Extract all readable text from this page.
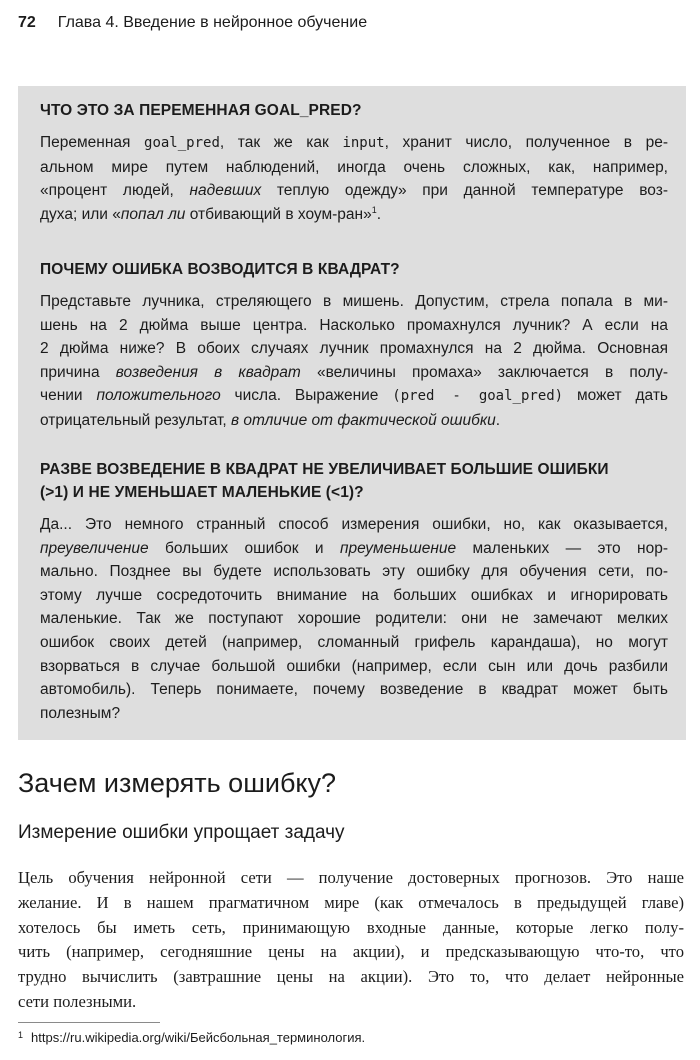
72 Глава 4. Введение в нейронное обучение
ЧТО ЭТО ЗА ПЕРЕМЕННАЯ GOAL_PRED?
Переменная goal_pred, так же как input, хранит число, полученное в ре-
альном мире путем наблюдений, иногда очень сложных, как, например,
«процент людей, надевших теплую одежду» при данной температуре воз-
духа; или «попал ли отбивающий в хоум-ран»$^1$.
ПОЧЕМУ ОШИБКА ВОЗВОДИТСЯ В КВАДРАТ?
Представьте лучника, стреляющего в мишень. Допустим, стрела попала в ми-
шень на 2 дюйма выше центра. Насколько промахнулся лучник? А если на
2 дюйма ниже? В обоих случаях лучник промахнулся на 2 дюйма. Основная
причина возведения в квадрат «величины промаха» заключается в полу-
чении положительного числа. Выражение (pred - goal_pred) может дать
отрицательный результат, в отличие от фактической ошибки.
РАЗВЕ ВОЗВЕДЕНИЕ В КВАДРАТ НЕ УВЕЛИЧИВАЕТ БОЛЬШИЕ ОШИБКИ
(>1) И НЕ УМЕНЬШАЕТ МАЛЕНЬКИЕ (<1)?
Да... Это немного странный способ измерения ошибки, но, как оказывается,
преувеличение больших ошибок и преуменьшение маленьких — это нор-
мально. Позднее вы будете использовать эту ошибку для обучения сети, по-
этому лучше сосредоточить внимание на больших ошибках и игнорировать
маленькие. Так же поступают хорошие родители: они не замечают мелких
ошибок своих детей (например, сломанный грифель карандаша), но могут
взорваться в случае большой ошибки (например, если сын или дочь разбили
автомобиль). Теперь понимаете, почему возведение в квадрат может быть
полезным?
Зачем измерять ошибку?
Измерение ошибки упрощает задачу
Цель обучения нейронной сети — получение достоверных прогнозов. Это наше
желание. И в нашем прагматичном мире (как отмечалось в предыдущей главе)
хотелось бы иметь сеть, принимающую входные данные, которые легко полу-
чить (например, сегодняшние цены на акции), и предсказывающую что-то, что
трудно вычислить (завтрашние цены на акции). Это то, что делает нейронные
сети полезными.
$^1$ https://ru.wikipedia.org/wiki/Бейсбольная_терминология.
